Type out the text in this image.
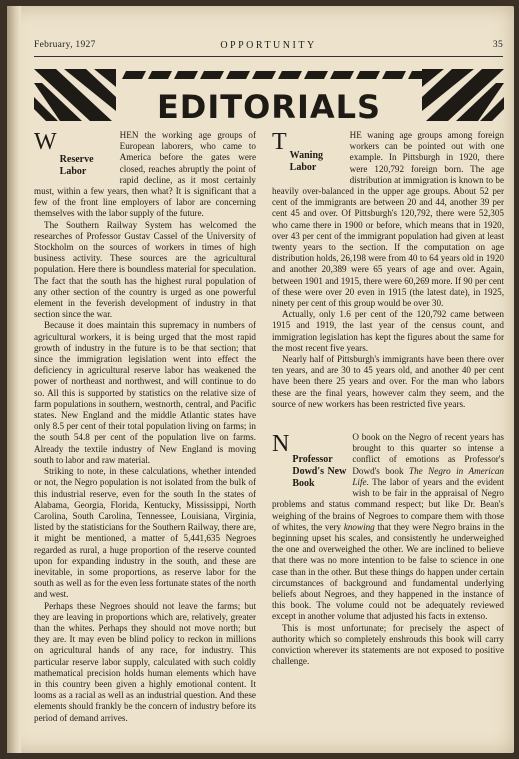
February, 1927	OPPORTUNITY	35
EDITORIALS

W
Reserve Labor
HEN the working age groups of European laborers, who came to America before the gates were closed, reaches abruptly the point of rapid decline, as it most certainly must, within a few years, then what? It is significant that a few of the front line employers of labor are concerning themselves with the labor supply of the future.

The Southern Railway System has welcomed the researches of Professor Gustav Cassel of the University of Stockholm on the sources of workers in times of high business activity. These sources are the agricultural population. Here there is boundless material for speculation. The fact that the south has the highest rural population of any other section of the country is urged as one powerful element in the feverish development of industry in that section since the war.

Because it does maintain this supremacy in numbers of agricultural workers, it is being urged that the most rapid growth of industry in the future is to be that section; that since the immigration legislation went into effect the deficiency in agricultural reserve labor has weakened the power of northeast and northwest, and will continue to do so. All this is supported by statistics on the relative size of farm populations in southern, westnorth, central, and Pacific states. New England and the middle Atlantic states have only 8.5 per cent of their total population living on farms; in the south 54.8 per cent of the population live on farms. Already the textile industry of New England is moving south to labor and raw material.

Striking to note, in these calculations, whether intended or not, the Negro population is not isolated from the bulk of this industrial reserve, even for the south In the states of Alabama, Georgia, Florida, Kentucky, Mississippi, North Carolina, South Carolina, Tennessee, Louisiana, Virginia, listed by the statisticians for the Southern Railway, there are, it might be mentioned, a matter of 5,441,635 Negroes regarded as rural, a huge proportion of the reserve counted upon for expanding industry in the south, and these are inevitable, in some proportions, as reserve labor for the south as well as for the even less fortunate states of the north and west.

Perhaps these Negroes should not leave the farms; but they are leaving in proportions which are, relatively, greater than the whites. Perhaps they should not move north; but they are. It may even be blind policy to reckon in millions on agricultural hands of any race, for industry. This particular reserve labor supply, calculated with such coldly mathematical precision holds human elements which have in this country been given a highly emotional content. It looms as a racial as well as an industrial question. And these elements should frankly be the concern of industry before its period of demand arrives.

T
Waning Labor
HE waning age groups among foreign workers can be pointed out with one example. In Pittsburgh in 1920, there were 120,792 foreign born. The age distribution at immigration is known to be heavily over-balanced in the upper age groups. About 52 per cent of the immigrants are between 20 and 44, another 39 per cent 45 and over. Of Pittsburgh's 120,792, there were 52,305 who came there in 1900 or before, which means that in 1920, over 43 per cent of the immigrant population had given at least twenty years to the section. If the computation on age distribution holds, 26,198 were from 40 to 64 years old in 1920 and another 20,389 were 65 years of age and over. Again, between 1901 and 1915, there were 60,269 more. If 90 per cent of these were over 20 even in 1915 (the latest date), in 1925, ninety per cent of this group would be over 30.

Actually, only 1.6 per cent of the 120,792 came between 1915 and 1919, the last year of the census count, and immigration legislation has kept the figures about the same for the most recent five years.

Nearly half of Pittsburgh's immigrants have been there over ten years, and are 30 to 45 years old, and another 40 per cent have been there 25 years and over. For the man who labors these are the final years, however calm they seem, and the source of new workers has been restricted five years.

N
Professor Dowd's New Book
O book on the Negro of recent years has brought to this quarter so intense a conflict of emotions as Professor's Dowd's book The Negro in American Life. The labor of years and the evident wish to be fair in the appraisal of Negro problems and status command respect; but like Dr. Bean's weighing of the brains of Negroes to compare them with those of whites, the very knowing that they were Negro brains in the beginning upset his scales, and consistently he underweighed the one and overweighed the other. We are inclined to believe that there was no more intention to be false to science in one case than in the other. But these things do happen under certain circumstances of background and fundamental underlying beliefs about Negroes, and they happened in the instance of this book. The volume could not be adequately reviewed except in another volume that adjusted his facts in extenso.

This is most unfortunate; for precisely the aspect of authority which so completely enshrouds this book will carry conviction wherever its statements are not exposed to positive challenge.
